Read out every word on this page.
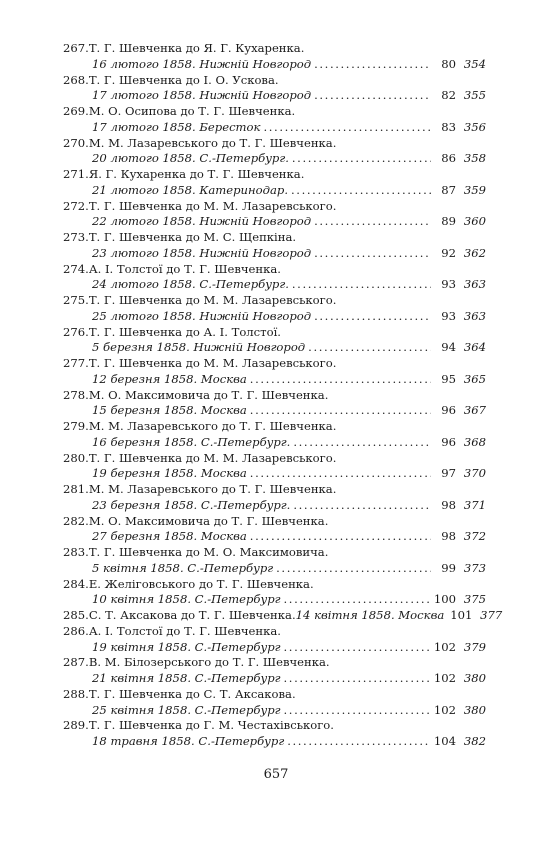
267. Т. Г. Шевченка до Я. Г. Кухаренка.
16 лютого 1858. Нижній Новгород .....	80 354
268. Т. Г. Шевченка до І. О. Ускова.
17 лютого 1858. Нижній Новгород .....	82 355
269. М. О. Осипова до Т. Г. Шевченка.
17 лютого 1858. Бересток .....	83 356
270. М. М. Лазаревського до Т. Г. Шевченка.
20 лютого 1858. С.-Петербург. .....	86 358
271. Я. Г. Кухаренка до Т. Г. Шевченка.
21 лютого 1858. Катеринодар. .....	87 359
272. Т. Г. Шевченка до М. М. Лазаревського.
22 лютого 1858. Нижній Новгород .....	89 360
273. Т. Г. Шевченка до М. С. Щепкіна.
23 лютого 1858. Нижній Новгород .....	92 362
274. А. І. Толстої до Т. Г. Шевченка.
24 лютого 1858. С.-Петербург. .....	93 363
275. Т. Г. Шевченка до М. М. Лазаревського.
25 лютого 1858. Нижній Новгород .....	93 363
276. Т. Г. Шевченка до А. І. Толстої.
5 березня 1858. Нижній Новгород .....	94 364
277. Т. Г. Шевченка до М. М. Лазаревського.
12 березня 1858. Москва .....	95 365
278. М. О. Максимовича до Т. Г. Шевченка.
15 березня 1858. Москва .....	96 367
279. М. М. Лазаревського до Т. Г. Шевченка.
16 березня 1858. С.-Петербург. .....	96 368
280. Т. Г. Шевченка до М. М. Лазаревського.
19 березня 1858. Москва .....	97 370
281. М. М. Лазаревського до Т. Г. Шевченка.
23 березня 1858. С.-Петербург. .....	98 371
282. М. О. Максимовича до Т. Г. Шевченка.
27 березня 1858. Москва .....	98 372
283. Т. Г. Шевченка до М. О. Максимовича.
5 квітня 1858. С.-Петербург .....	99 373
284. Е. Желіговського до Т. Г. Шевченка.
10 квітня 1858. С.-Петербург .....	100 375
285. С. Т. Аксакова до Т. Г. Шевченка. 14 квітня 1858. Москва 101 377
286. А. І. Толстої до Т. Г. Шевченка.
19 квітня 1858. С.-Петербург .....	102 379
287. В. М. Білозерського до Т. Г. Шевченка.
21 квітня 1858. С.-Петербург .....	102 380
288. Т. Г. Шевченка до С. Т. Аксакова.
25 квітня 1858. С.-Петербург .....	102 380
289. Т. Г. Шевченка до Г. М. Честахівського.
18 травня 1858. С.-Петербург .....	104 382
657
